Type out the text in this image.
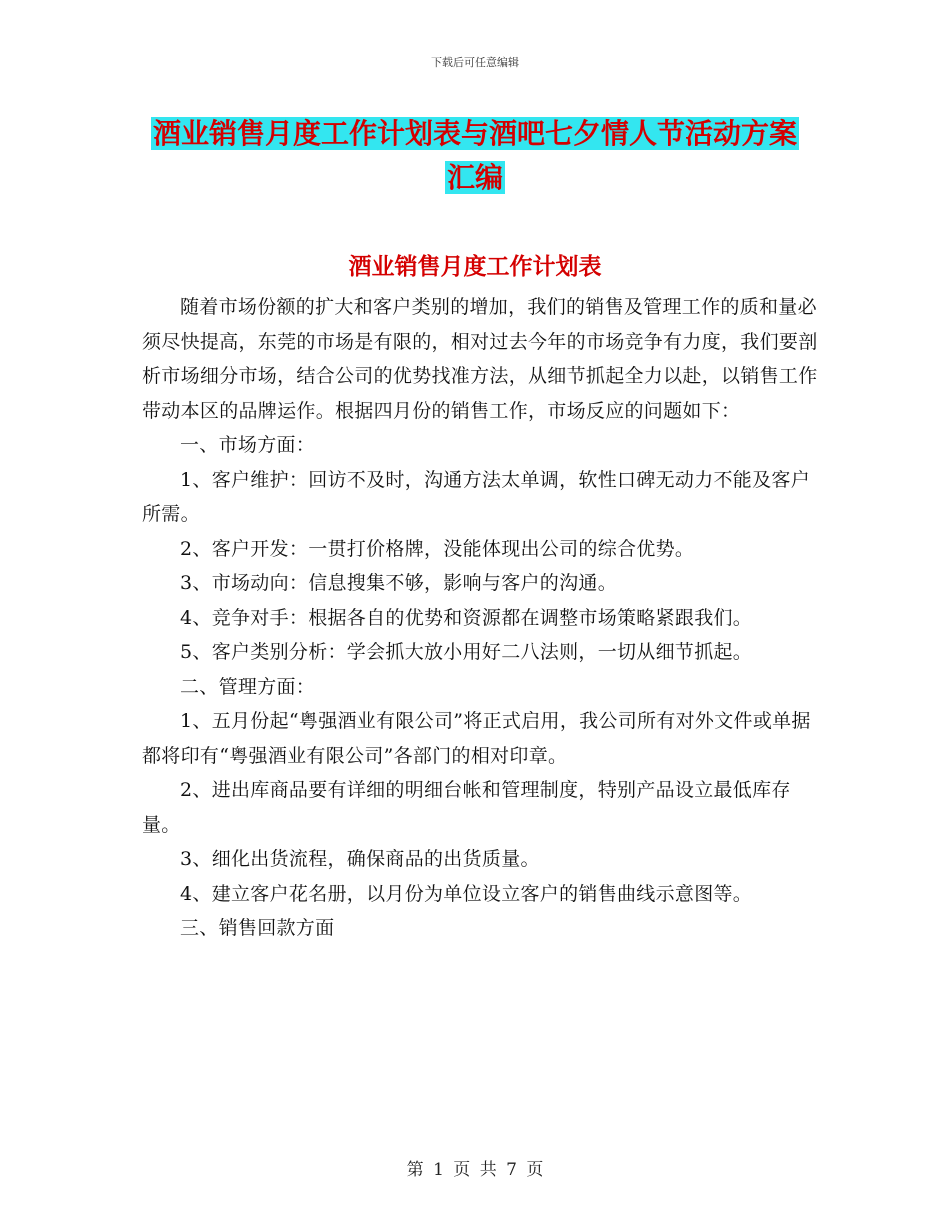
下载后可任意编辑
酒业销售月度工作计划表与酒吧七夕情人节活动方案
汇编
酒业销售月度工作计划表

随着市场份额的扩大和客户类别的增加，我们的销售及管理工作的质和量必须尽快提高，东莞的市场是有限的，相对过去今年的市场竞争有力度，我们要剖析市场细分市场，结合公司的优势找准方法，从细节抓起全力以赴，以销售工作带动本区的品牌运作。根据四月份的销售工作，市场反应的问题如下：

一、市场方面：

1、客户维护：回访不及时，沟通方法太单调，软性口碑无动力不能及客户所需。

2、客户开发：一贯打价格牌，没能体现出公司的综合优势。

3、市场动向：信息搜集不够，影响与客户的沟通。

4、竞争对手：根据各自的优势和资源都在调整市场策略紧跟我们。

5、客户类别分析：学会抓大放小用好二八法则，一切从细节抓起。

二、管理方面：

1、五月份起“粤强酒业有限公司”将正式启用，我公司所有对外文件或单据都将印有“粤强酒业有限公司”各部门的相对印章。

2、进出库商品要有详细的明细台帐和管理制度，特别产品设立最低库存量。

3、细化出货流程，确保商品的出货质量。

4、建立客户花名册，以月份为单位设立客户的销售曲线示意图等。

三、销售回款方面

第 1 页 共 7 页
